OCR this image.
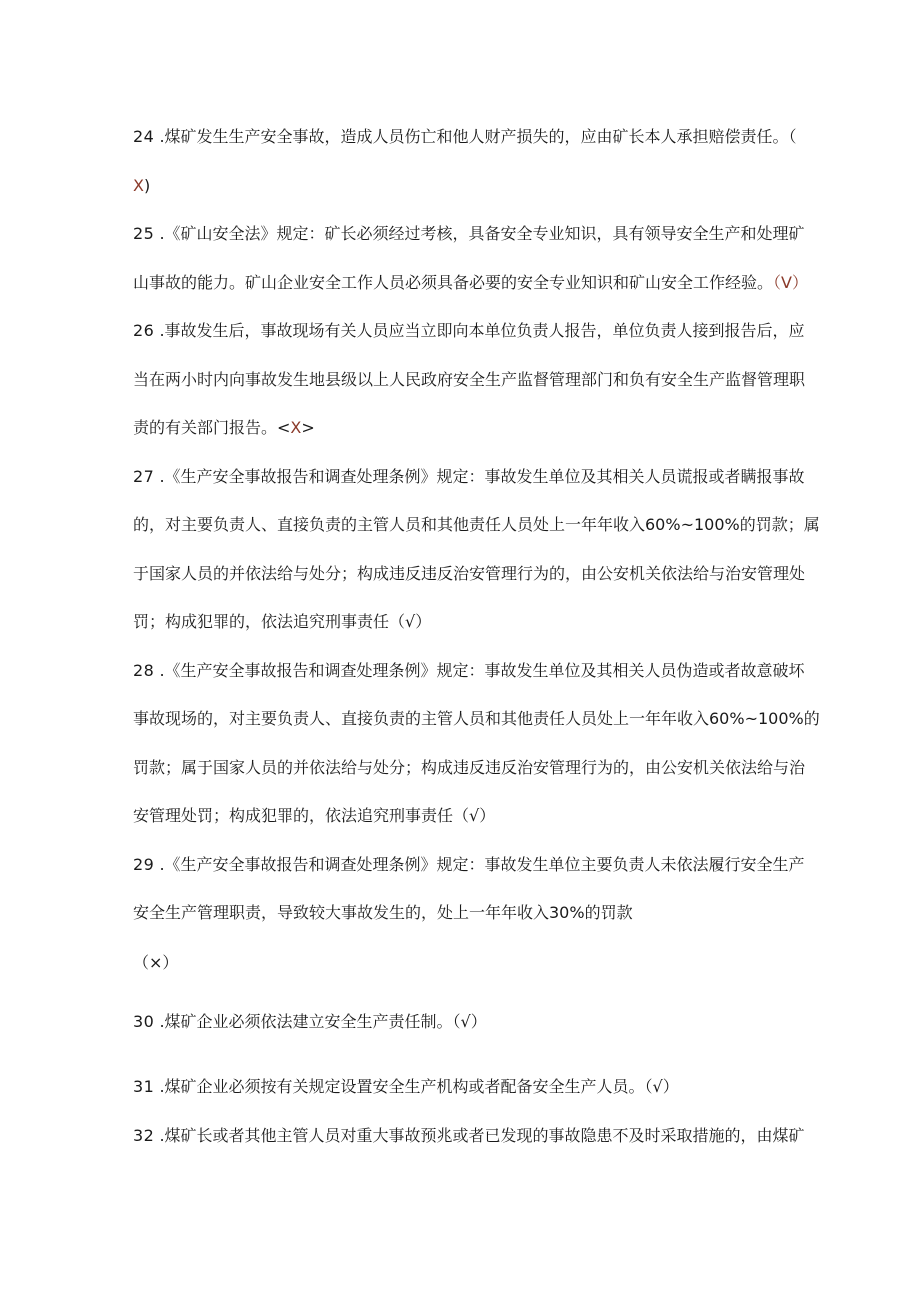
24 .煤矿发生生产安全事故，造成人员伤亡和他人财产损失的，应由矿长本人承担赔偿责任。（
X)
25 .《矿山安全法》规定：矿长必须经过考核，具备安全专业知识，具有领导安全生产和处理矿
山事故的能力。矿山企业安全工作人员必须具备必要的安全专业知识和矿山安全工作经验。（V）
26 .事故发生后，事故现场有关人员应当立即向本单位负责人报告，单位负责人接到报告后，应
当在两小时内向事故发生地县级以上人民政府安全生产监督管理部门和负有安全生产监督管理职
责的有关部门报告。<X>
27 .《生产安全事故报告和调查处理条例》规定：事故发生单位及其相关人员谎报或者瞒报事故
的，对主要负责人、直接负责的主管人员和其他责任人员处上一年年收入60%~100%的罚款；属
于国家人员的并依法给与处分；构成违反违反治安管理行为的，由公安机关依法给与治安管理处
罚；构成犯罪的，依法追究刑事责任（√）
28 .《生产安全事故报告和调查处理条例》规定：事故发生单位及其相关人员伪造或者故意破坏
事故现场的，对主要负责人、直接负责的主管人员和其他责任人员处上一年年收入60%~100%的
罚款；属于国家人员的并依法给与处分；构成违反违反治安管理行为的，由公安机关依法给与治
安管理处罚；构成犯罪的，依法追究刑事责任（√）
29 .《生产安全事故报告和调查处理条例》规定：事故发生单位主要负责人未依法履行安全生产
安全生产管理职责，导致较大事故发生的，处上一年年收入30%的罚款
（×）
30 .煤矿企业必须依法建立安全生产责任制。（√）
31 .煤矿企业必须按有关规定设置安全生产机构或者配备安全生产人员。（√）
32 .煤矿长或者其他主管人员对重大事故预兆或者已发现的事故隐患不及时采取措施的，由煤矿
